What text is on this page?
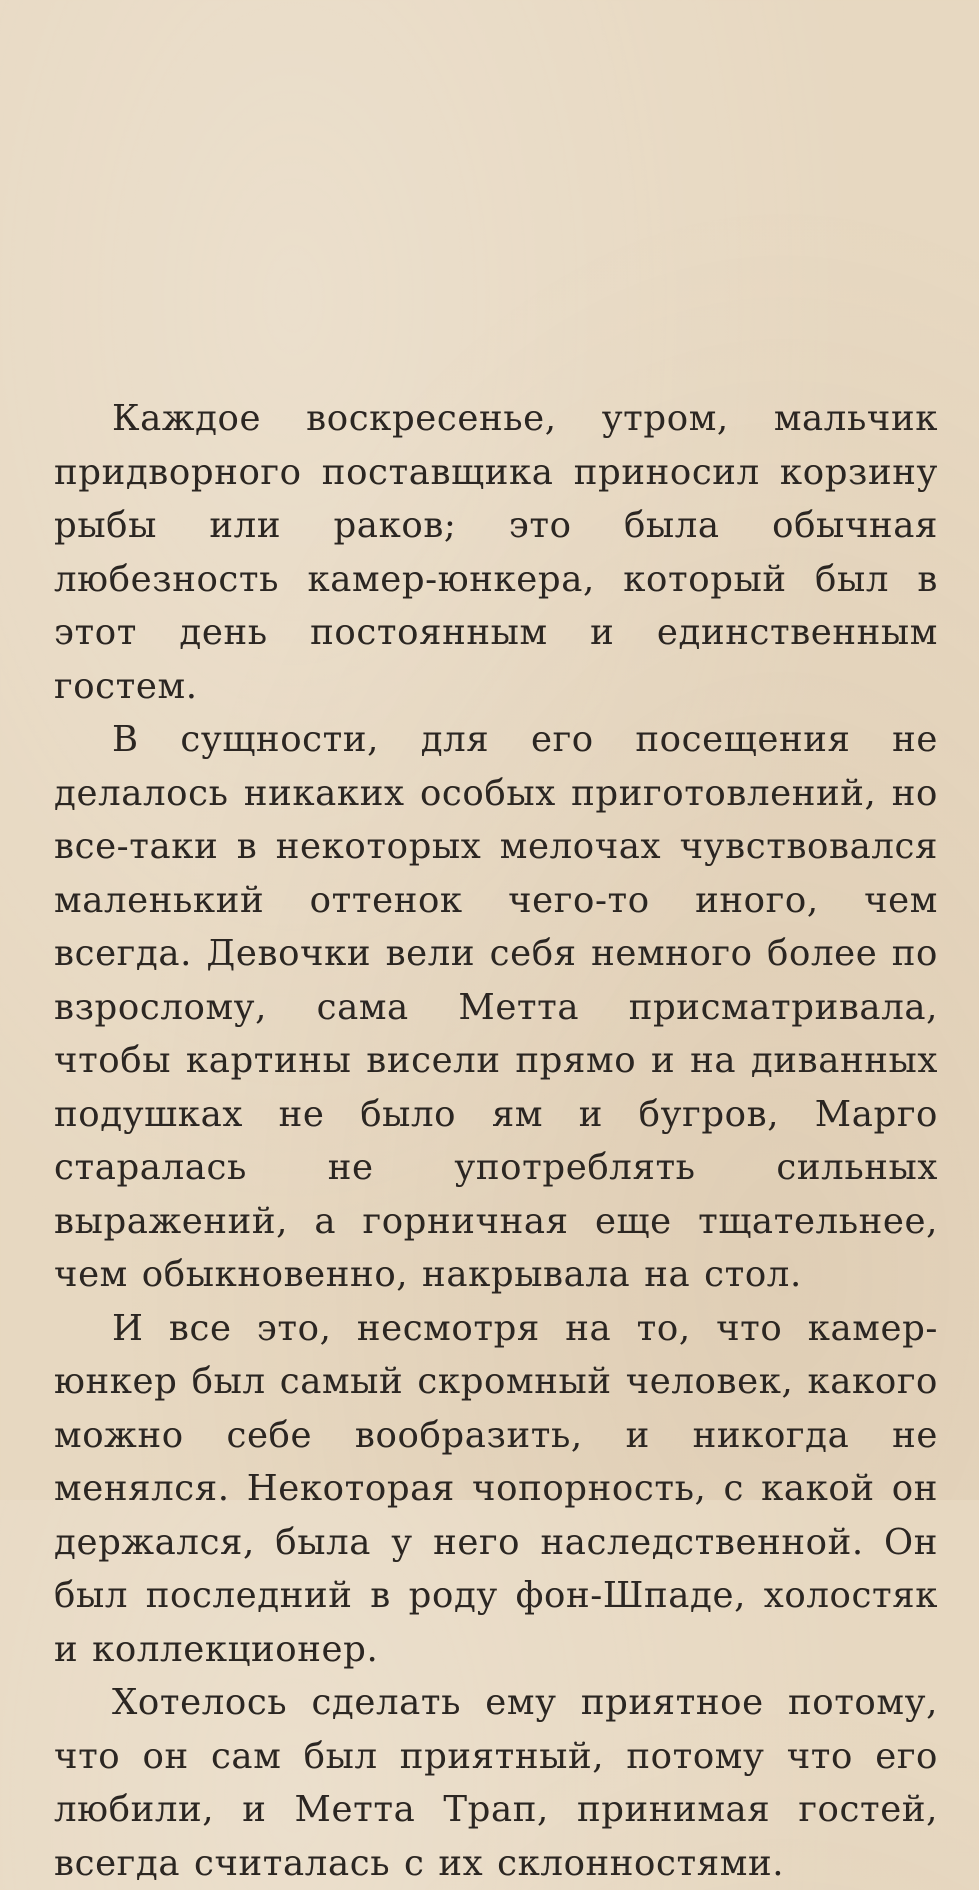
Каждое воскресенье, утром, мальчик придворного поставщика приносил корзину рыбы или раков; это была обычная любезность камер-юнкера, который был в этот день постоянным и единственным гостем.

В сущности, для его посещения не делалось никаких особых приготовлений, но все-таки в некоторых мелочах чувствовался маленький оттенок чего-то иного, чем всегда. Девочки вели себя немного более по взрослому, сама Метта присматривала, чтобы картины висели прямо и на диванных подушках не было ям и бугров, Марго старалась не употреблять сильных выражений, а горничная еще тщательнее, чем обыкновенно, накрывала на стол.

И все это, несмотря на то, что камер-юнкер был самый скромный человек, какого можно себе вообразить, и никогда не менялся. Некоторая чопорность, с какой он держался, была у него наследственной. Он был последний в роду фон-Шпаде, холостяк и коллекционер.

Хотелось сделать ему приятное потому, что он сам был приятный, потому что его любили, и Метта Трап, принимая гостей, всегда считалась с их склонностями.
